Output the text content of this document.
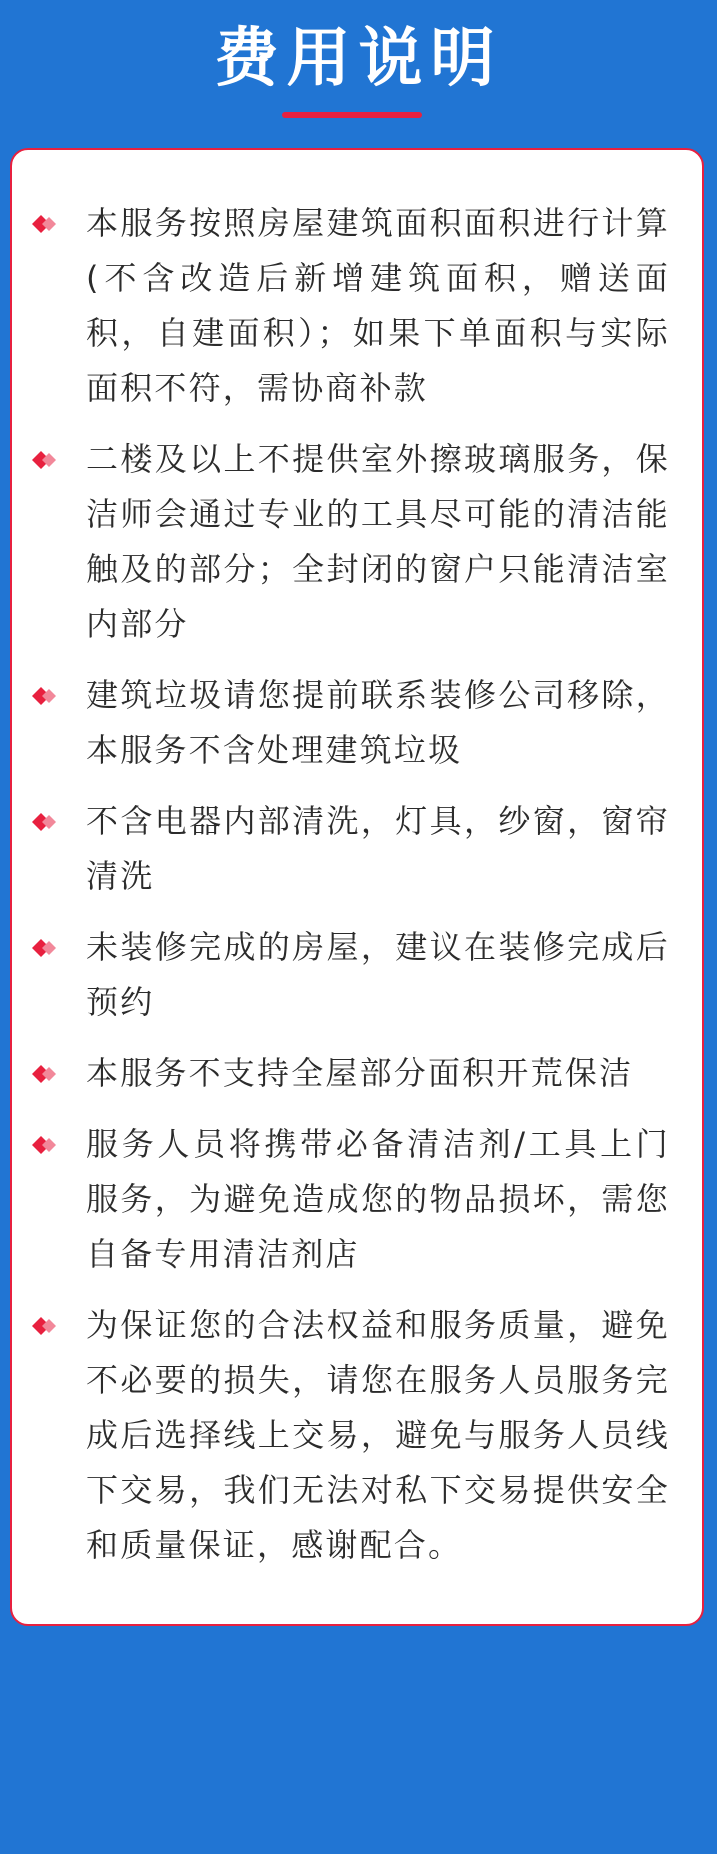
费用说明
本服务按照房屋建筑面积面积进行计算(不含改造后新增建筑面积，赠送面积，自建面积）；如果下单面积与实际面积不符，需协商补款
二楼及以上不提供室外擦玻璃服务，保洁师会通过专业的工具尽可能的清洁能触及的部分；全封闭的窗户只能清洁室内部分
建筑垃圾请您提前联系装修公司移除，本服务不含处理建筑垃圾
不含电器内部清洗，灯具，纱窗，窗帘清洗
未装修完成的房屋，建议在装修完成后预约
本服务不支持全屋部分面积开荒保洁
服务人员将携带必备清洁剂/工具上门服务，为避免造成您的物品损坏，需您自备专用清洁剂店
为保证您的合法权益和服务质量，避免不必要的损失，请您在服务人员服务完成后选择线上交易，避免与服务人员线下交易，我们无法对私下交易提供安全和质量保证，感谢配合。
